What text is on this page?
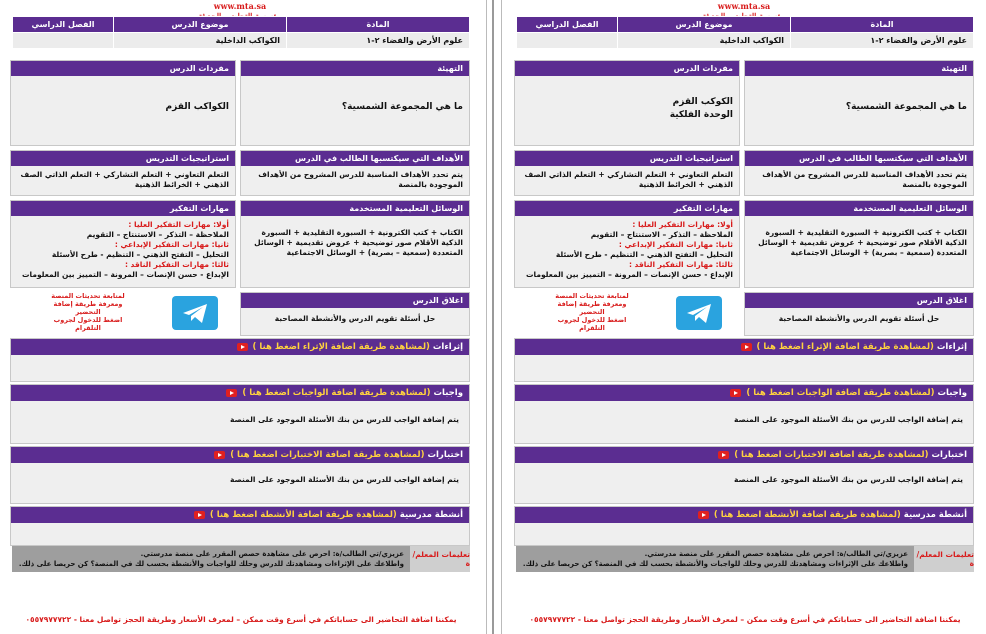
www.mta.sa
المادة	موضوع الدرس	الفصل الدراسي
علوم الأرض والفضاء ٢-١	الكواكب الداخلية	
التهيئة
ما هي المجموعة الشمسية؟
مفردات الدرس
الكواكب القزم
الأهداف التي سيكتسبها الطالب في الدرس
يتم تحدد الأهداف المناسبة للدرس المشروح من الأهداف الموجودة بالمنصة
استراتيجيات التدريس
التعلم التعاوني + التعلم التشاركي + التعلم الذاتي الصف الذهني + الخرائط الذهنية
الوسائل التعليمية المستخدمة
الكتاب + كتب الكترونية + السبورة التقليدية + السبورة الذكية الأقلام صور توضيحية + عروض تقديمية + الوسائل المتعددة (سمعية – بصرية) + الوسائل الاجتماعية
مهارات التفكير
أولا: مهارات التفكير العليا :
الملاحظة – التذكر – الاستنتاج – التقويم
ثانيا: مهارات التفكير الإبداعي :
التحليل – التفتح الذهني – التنظيم - طرح الأسئلة
ثالثا: مهارات التفكير الناقد :
الإبداع - حسن الإنصات – المرونة – التمييز بين المعلومات
اغلاق الدرس
حل أسئلة تقويم الدرس والأنشطة المصاحبة
لمتابعة تحديثات المنصة
ومعرفة طريقة إضافة التحضير
اضغط للدخول لجروب التلقرام
إثراءات (لمشاهدة طريقة اضافة الإثراء اضغط هنا )
واجبات (لمشاهدة طريقة اضافة الواجبات اضغط هنا )
يتم إضافة الواجب للدرس من بنك الأسئلة الموجود على المنصة
اختبارات (لمشاهدة طريقة اضافة الاختبارات اضغط هنا )
يتم إضافة الواجب للدرس من بنك الأسئلة الموجود على المنصة
أنشطة مدرسية (لمشاهدة طريقة اضافة الأنشطة اضغط هنا )
تعليمات المعلم/ة
عزيزي/تي الطالب/ة: احرص على مشاهدة حصص المقرر على منصة مدرستي.
واطلاعك على الإثراءات ومشاهدتك للدرس وحلك للواجبات والأنشطة بحسب لك في المنصة؟ كن حريصا على ذلك.
يمكننا اضافة التحاضير الى حساباتكم في أسرع وقت ممكن – لمعرف الأسعار وطريقة الحجز تواصل معنا - ٠٥٥٧٩٧٧٧٢٢
www.mta.sa
المادة	موضوع الدرس	الفصل الدراسي
علوم الأرض والفضاء ٢-١	الكواكب الداخلية	
التهيئة
ما هي المجموعة الشمسية؟
مفردات الدرس
الكوكب القزم
الوحدة الفلكية
الأهداف التي سيكتسبها الطالب في الدرس
يتم تحدد الأهداف المناسبة للدرس المشروح من الأهداف الموجودة بالمنصة
استراتيجيات التدريس
التعلم التعاوني + التعلم التشاركي + التعلم الذاتي الصف الذهني + الخرائط الذهنية
الوسائل التعليمية المستخدمة
الكتاب + كتب الكترونية + السبورة التقليدية + السبورة الذكية الأقلام صور توضيحية + عروض تقديمية + الوسائل المتعددة (سمعية – بصرية) + الوسائل الاجتماعية
مهارات التفكير
أولا: مهارات التفكير العليا :
الملاحظة – التذكر – الاستنتاج – التقويم
ثانيا: مهارات التفكير الإبداعي :
التحليل – التفتح الذهني – التنظيم - طرح الأسئلة
ثالثا: مهارات التفكير الناقد :
الإبداع - حسن الإنصات – المرونة – التمييز بين المعلومات
اغلاق الدرس
حل أسئلة تقويم الدرس والأنشطة المصاحبة
لمتابعة تحديثات المنصة
ومعرفة طريقة إضافة التحضير
اضغط للدخول لجروب التلقرام
إثراءات (لمشاهدة طريقة اضافة الإثراء اضغط هنا )
واجبات (لمشاهدة طريقة اضافة الواجبات اضغط هنا )
يتم إضافة الواجب للدرس من بنك الأسئلة الموجود على المنصة
اختبارات (لمشاهدة طريقة اضافة الاختبارات اضغط هنا )
يتم إضافة الواجب للدرس من بنك الأسئلة الموجود على المنصة
أنشطة مدرسية (لمشاهدة طريقة اضافة الأنشطة اضغط هنا )
تعليمات المعلم/ة
عزيزي/تي الطالب/ة: احرص على مشاهدة حصص المقرر على منصة مدرستي.
واطلاعك على الإثراءات ومشاهدتك للدرس وحلك للواجبات والأنشطة بحسب لك في المنصة؟ كن حريصا على ذلك.
يمكننا اضافة التحاضير الى حساباتكم في أسرع وقت ممكن – لمعرف الأسعار وطريقة الحجز تواصل معنا - ٠٥٥٧٩٧٧٧٢٢
